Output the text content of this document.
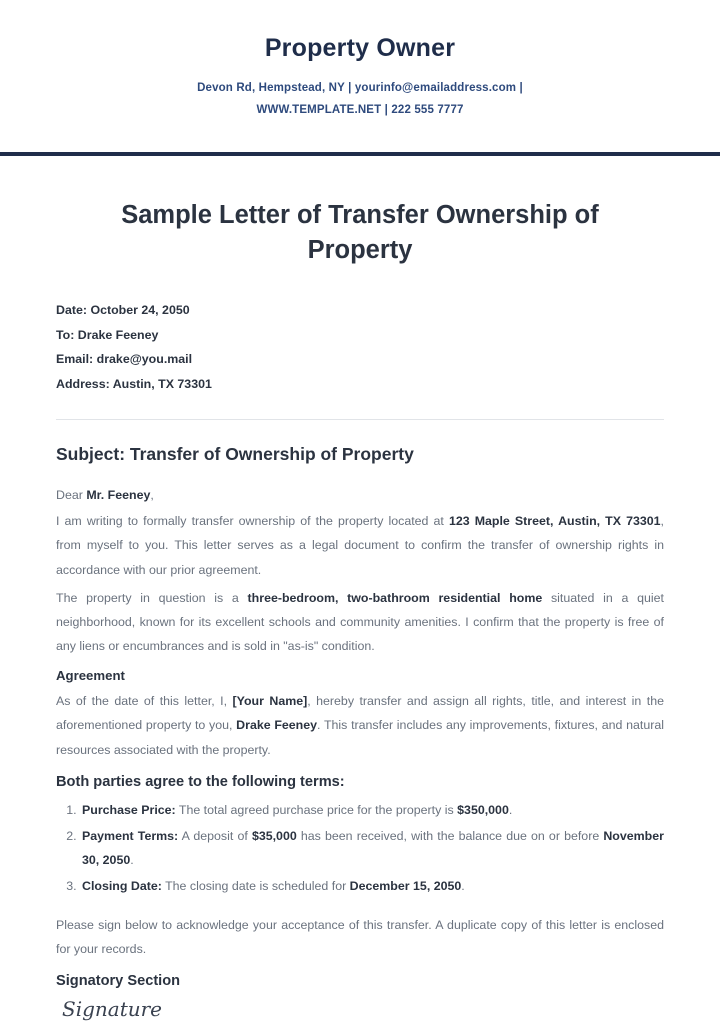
Property Owner
Devon Rd, Hempstead, NY | yourinfo@emailaddress.com |
WWW.TEMPLATE.NET | 222 555 7777
Sample Letter of Transfer Ownership of Property
Date: October 24, 2050
To: Drake Feeney
Email: drake@you.mail
Address: Austin, TX 73301
Subject: Transfer of Ownership of Property

Dear Mr. Feeney,

I am writing to formally transfer ownership of the property located at 123 Maple Street, Austin, TX 73301, from myself to you. This letter serves as a legal document to confirm the transfer of ownership rights in accordance with our prior agreement.

The property in question is a three-bedroom, two-bathroom residential home situated in a quiet neighborhood, known for its excellent schools and community amenities. I confirm that the property is free of any liens or encumbrances and is sold in "as-is" condition.

Agreement

As of the date of this letter, I, [Your Name], hereby transfer and assign all rights, title, and interest in the aforementioned property to you, Drake Feeney. This transfer includes any improvements, fixtures, and natural resources associated with the property.

Both parties agree to the following terms:
1. Purchase Price: The total agreed purchase price for the property is $350,000.
2. Payment Terms: A deposit of $35,000 has been received, with the balance due on or before November 30, 2050.
3. Closing Date: The closing date is scheduled for December 15, 2050.

Please sign below to acknowledge your acceptance of this transfer. A duplicate copy of this letter is enclosed for your records.

Signatory Section
Signature
